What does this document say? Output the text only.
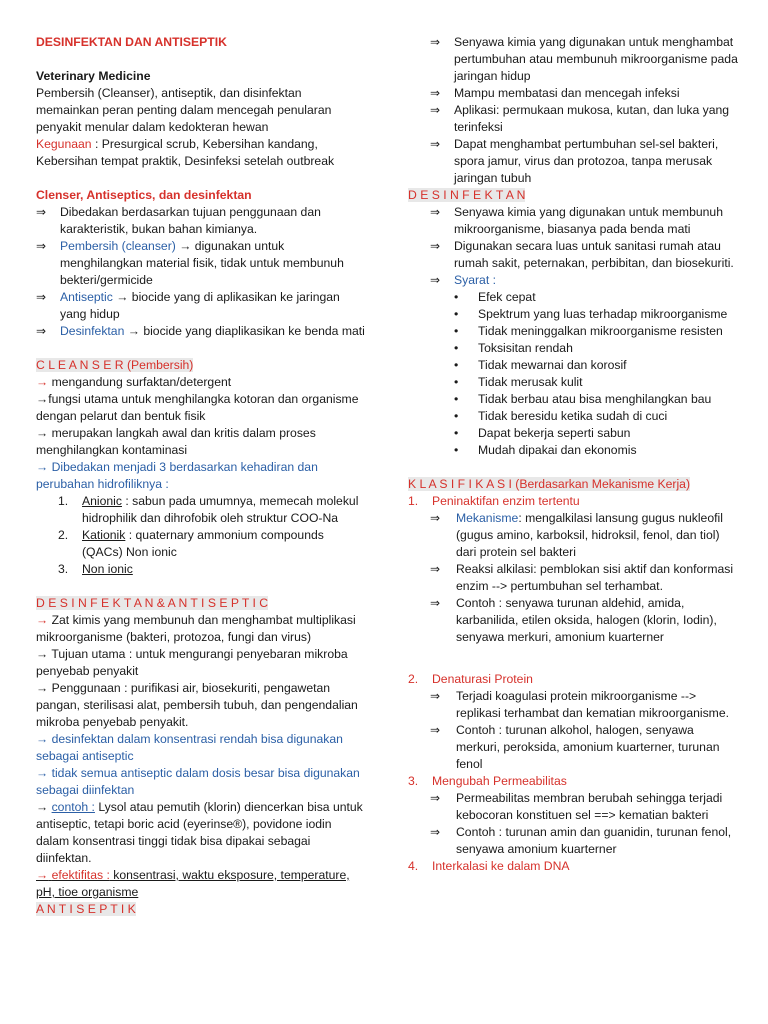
DESINFEKTAN DAN ANTISEPTIK

Veterinary Medicine

Pembersih (Cleanser), antiseptik, dan disinfektan memainkan peran penting dalam mencegah penularan penyakit menular dalam kedokteran hewan

Kegunaan : Presurgical scrub, Kebersihan kandang, Kebersihan tempat praktik, Desinfeksi setelah outbreak

Clenser, Antiseptics, dan desinfektan

⇒ Dibedakan berdasarkan tujuan penggunaan dan karakteristik, bukan bahan kimianya.
⇒ Pembersih (cleanser) → digunakan untuk menghilangkan material fisik, tidak untuk membunuh bekteri/germicide
⇒ Antiseptic → biocide yang di aplikasikan ke jaringan yang hidup
⇒ Desinfektan → biocide yang diaplikasikan ke benda mati

C L E A N S E R (Pembersih)

→ mengandung surfaktan/detergent

→fungsi utama untuk menghilangka kotoran dan organisme dengan pelarut dan bentuk fisik

→ merupakan langkah awal dan kritis dalam proses menghilangkan kontaminasi

→ Dibedakan menjadi 3 berdasarkan kehadiran dan perubahan hidrofiliknya :

1. Anionic : sabun pada umumnya, memecah molekul hidrophilik dan dihrofobik oleh struktur COO-Na
2. Kationik : quaternary ammonium compounds (QACs) Non ionic
3. Non ionic

D E S I N F E K T A N & A N T I S E P T I C

→ Zat kimis yang membunuh dan menghambat multiplikasi mikroorganisme (bakteri, protozoa, fungi dan virus)

→ Tujuan utama : untuk mengurangi penyebaran mikroba penyebab penyakit

→ Penggunaan : purifikasi air, biosekuriti, pengawetan pangan, sterilisasi alat, pembersih tubuh, dan pengendalian mikroba penyebab penyakit.

→ desinfektan dalam konsentrasi rendah bisa digunakan sebagai antiseptic

→ tidak semua antiseptic dalam dosis besar bisa digunakan sebagai diinfektan

→ contoh : Lysol atau pemutih (klorin) diencerkan bisa untuk antiseptic, tetapi boric acid (eyerinse®), povidone iodin dalam konsentrasi tinggi tidak bisa dipakai sebagai diinfektan.

→ efektifitas : konsentrasi, waktu eksposure, temperature, pH, tioe organisme

A N T I S E P T I K

⇒	Senyawa kimia yang digunakan untuk menghambat pertumbuhan atau membunuh mikroorganisme pada jaringan hidup
⇒	Mampu membatasi dan mencegah infeksi
⇒	Aplikasi: permukaan mukosa, kutan, dan luka yang terinfeksi
⇒	Dapat menghambat pertumbuhan sel-sel bakteri, spora jamur, virus dan protozoa, tanpa merusak jaringan tubuh

D E S I N F E K T A N

⇒	Senyawa kimia yang digunakan untuk membunuh mikroorganisme, biasanya pada benda mati
⇒	Digunakan secara luas untuk sanitasi rumah atau rumah sakit, peternakan, perbibitan, dan biosekuriti.
⇒	Syarat :
• Efek cepat
• Spektrum yang luas terhadap mikroorganisme
• Tidak meninggalkan mikroorganisme resisten
• Toksisitan rendah
• Tidak mewarnai dan korosif
• Tidak merusak kulit
• Tidak berbau atau bisa menghilangkan bau
• Tidak beresidu ketika sudah di cuci
• Dapat bekerja seperti sabun
• Mudah dipakai dan ekonomis

K L A S I F I K A S I (Berdasarkan Mekanisme Kerja)

1. Peninaktifan enzim tertentu
⇒ Mekanisme: mengalkilasi lansung gugus nukleofil (gugus amino, karboksil, hidroksil, fenol, dan tiol) dari protein sel bakteri
⇒ Reaksi alkilasi: pemblokan sisi aktif dan konformasi enzim --> pertumbuhan sel terhambat.
⇒ Contoh : senyawa turunan aldehid, amida, karbanilida, etilen oksida, halogen (klorin, Iodin), senyawa merkuri, amonium kuarterner
2. Denaturasi Protein
⇒ Terjadi koagulasi protein mikroorganisme --> replikasi terhambat dan kematian mikroorganisme.
⇒ Contoh : turunan alkohol, halogen, senyawa merkuri, peroksida, amonium kuarterner, turunan fenol
3. Mengubah Permeabilitas
⇒ Permeabilitas membran berubah sehingga terjadi kebocoran konstituen sel ==> kematian bakteri
⇒ Contoh : turunan amin dan guanidin, turunan fenol, senyawa amonium kuarterner
4. Interkalasi ke dalam DNA
